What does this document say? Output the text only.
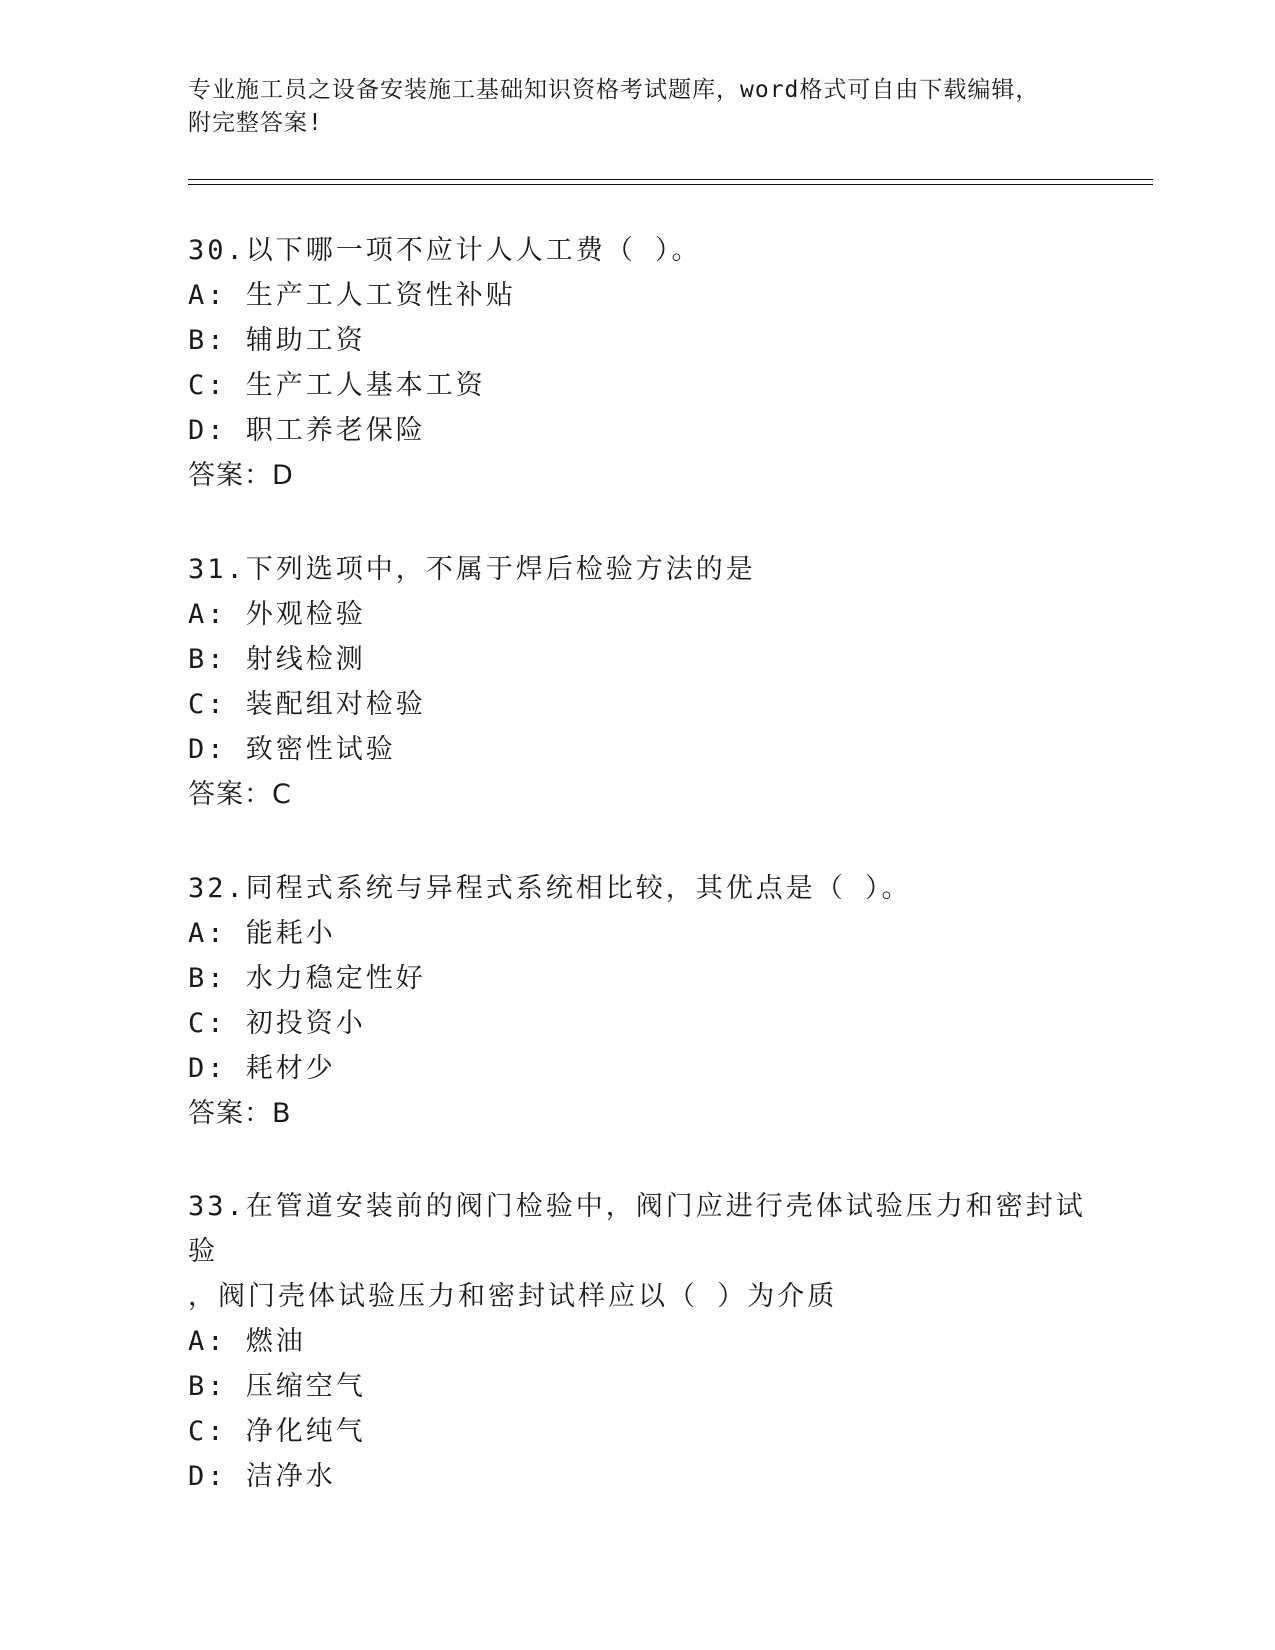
专业施工员之设备安装施工基础知识资格考试题库，word格式可自由下载编辑，
附完整答案!
30.以下哪一项不应计人人工费（ ）。
A: 生产工人工资性补贴
B: 辅助工资
C: 生产工人基本工资
D: 职工养老保险
答案：D
31.下列选项中，不属于焊后检验方法的是
A: 外观检验
B: 射线检测
C: 装配组对检验
D: 致密性试验
答案：C
32.同程式系统与异程式系统相比较，其优点是（ ）。
A: 能耗小
B: 水力稳定性好
C: 初投资小
D: 耗材少
答案：B
33.在管道安装前的阀门检验中，阀门应进行壳体试验压力和密封试验
，阀门壳体试验压力和密封试样应以（ ）为介质
A: 燃油
B: 压缩空气
C: 净化纯气
D: 洁净水
